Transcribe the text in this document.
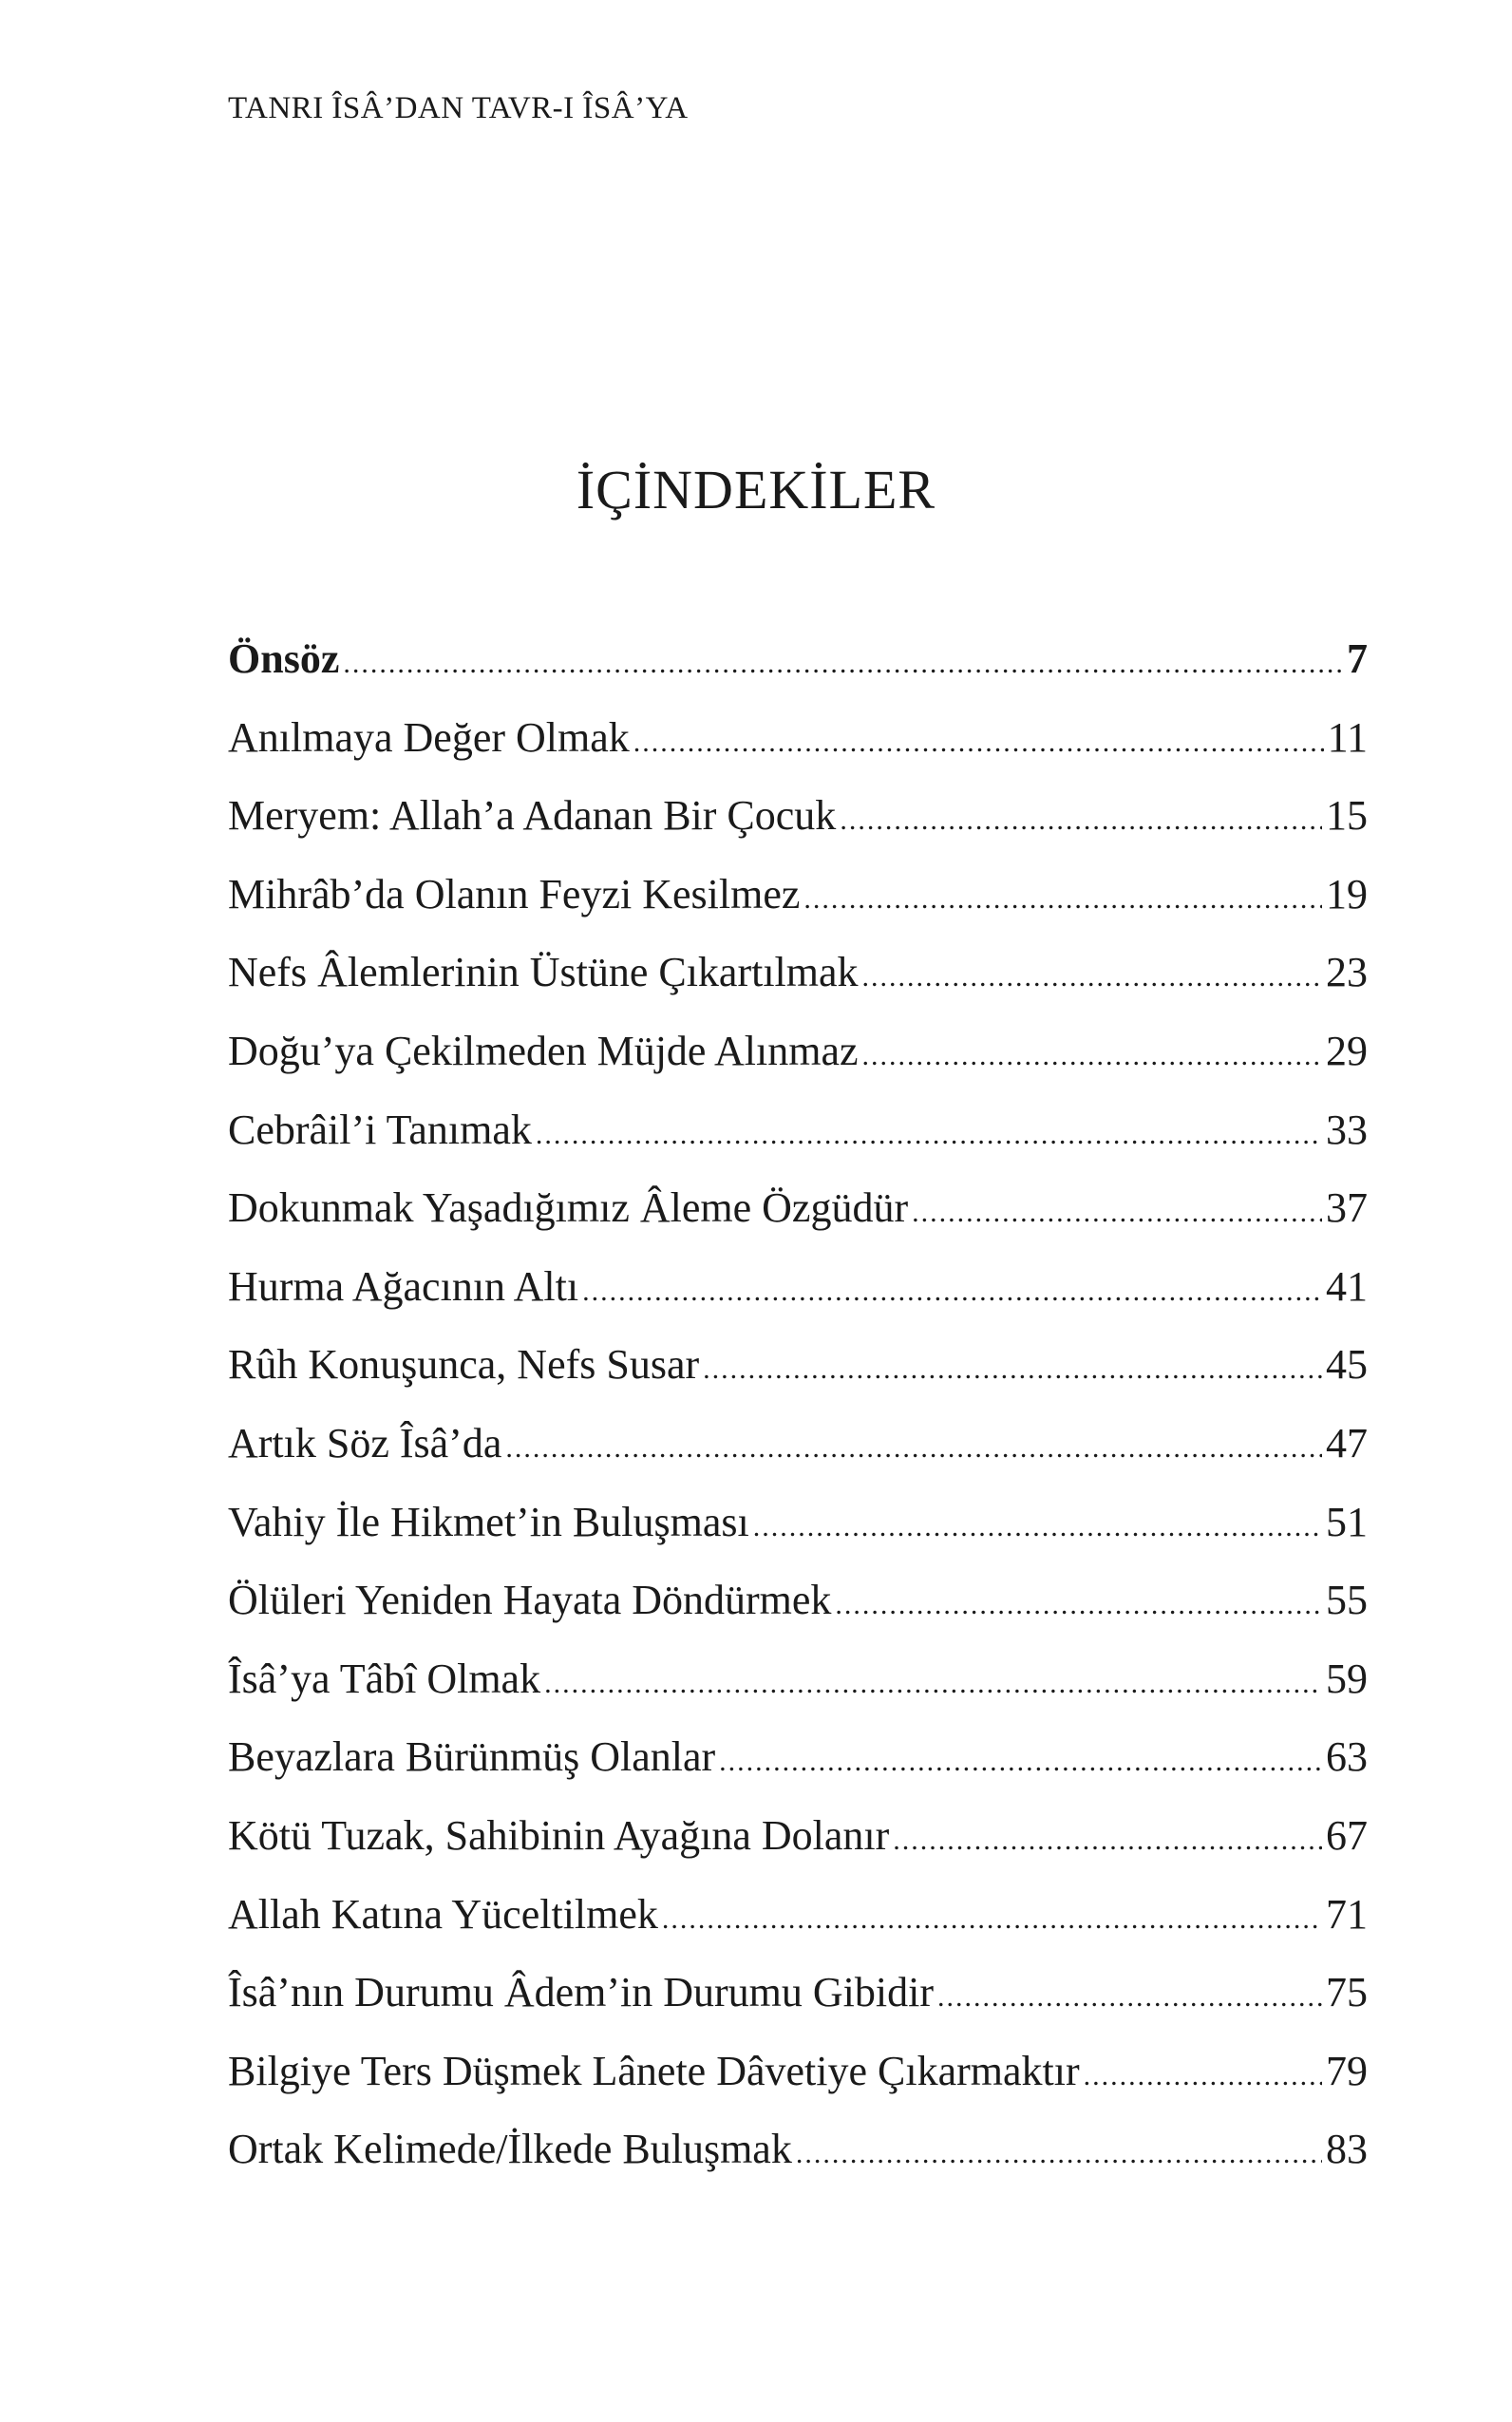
TANRI ÎSÂ’DAN TAVR-I ÎSÂ’YA
İÇİNDEKİLER
Önsöz .....	7
Anılmaya Değer Olmak .....	11
Meryem: Allah’a Adanan Bir Çocuk .....	15
Mihrâb’da Olanın Feyzi Kesilmez .....	19
Nefs Âlemlerinin Üstüne Çıkartılmak .....	23
Doğu’ya Çekilmeden Müjde Alınmaz .....	29
Cebrâil’i Tanımak .....	33
Dokunmak Yaşadığımız Âleme Özgüdür .....	37
Hurma Ağacının Altı .....	41
Rûh Konuşunca, Nefs Susar .....	45
Artık Söz Îsâ’da .....	47
Vahiy İle Hikmet’in Buluşması .....	51
Ölüleri Yeniden Hayata Döndürmek .....	55
Îsâ’ya Tâbî Olmak .....	59
Beyazlara Bürünmüş Olanlar .....	63
Kötü Tuzak, Sahibinin Ayağına Dolanır .....	67
Allah Katına Yüceltilmek .....	71
Îsâ’nın Durumu Âdem’in Durumu Gibidir .....	75
Bilgiye Ters Düşmek Lânete Dâvetiye Çıkarmaktır .....	79
Ortak Kelimede/İlkede Buluşmak .....	83
